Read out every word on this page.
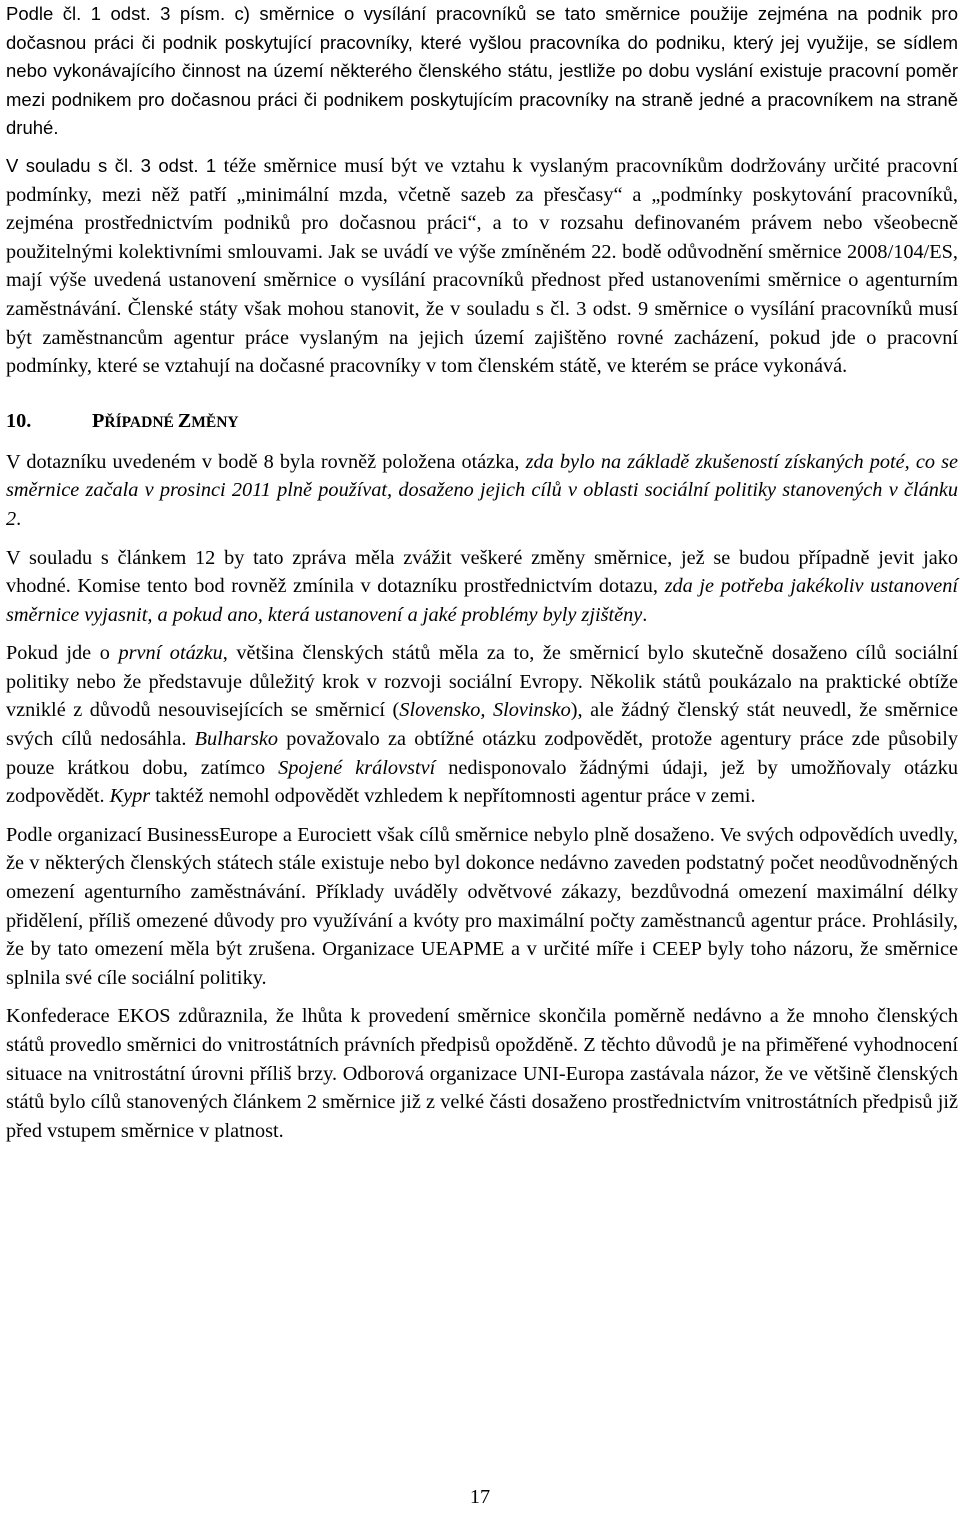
Podle čl. 1 odst. 3 písm. c) směrnice o vysílání pracovníků se tato směrnice použije zejména na podnik pro dočasnou práci či podnik poskytující pracovníky, které vyšlou pracovníka do podniku, který jej využije, se sídlem nebo vykonávajícího činnost na území některého členského státu, jestliže po dobu vyslání existuje pracovní poměr mezi podnikem pro dočasnou práci či podnikem poskytujícím pracovníky na straně jedné a pracovníkem na straně druhé.

V souladu s čl. 3 odst. 1 téže směrnice musí být ve vztahu k vyslaným pracovníkům dodržovány určité pracovní podmínky, mezi něž patří „minimální mzda, včetně sazeb za přesčasy“ a „podmínky poskytování pracovníků, zejména prostřednictvím podniků pro dočasnou práci“, a to v rozsahu definovaném právem nebo všeobecně použitelnými kolektivními smlouvami. Jak se uvádí ve výše zmíněném 22. bodě odůvodnění směrnice 2008/104/ES, mají výše uvedená ustanovení směrnice o vysílání pracovníků přednost před ustanoveními směrnice o agenturním zaměstnávání. Členské státy však mohou stanovit, že v souladu s čl. 3 odst. 9 směrnice o vysílání pracovníků musí být zaměstnancům agentur práce vyslaným na jejich území zajištěno rovné zacházení, pokud jde o pracovní podmínky, které se vztahují na dočasné pracovníky v tom členském státě, ve kterém se práce vykonává.

10.	PŘÍPADNÉ ZMĚNY

V dotazníku uvedeném v bodě 8 byla rovněž položena otázka, zda bylo na základě zkušeností získaných poté, co se směrnice začala v prosinci 2011 plně používat, dosaženo jejich cílů v oblasti sociální politiky stanovených v článku 2.

V souladu s článkem 12 by tato zpráva měla zvážit veškeré změny směrnice, jež se budou případně jevit jako vhodné. Komise tento bod rovněž zmínila v dotazníku prostřednictvím dotazu, zda je potřeba jakékoliv ustanovení směrnice vyjasnit, a pokud ano, která ustanovení a jaké problémy byly zjištěny.

Pokud jde o první otázku, většina členských států měla za to, že směrnicí bylo skutečně dosaženo cílů sociální politiky nebo že představuje důležitý krok v rozvoji sociální Evropy. Několik států poukázalo na praktické obtíže vzniklé z důvodů nesouvisejících se směrnicí (Slovensko, Slovinsko), ale žádný členský stát neuvedl, že směrnice svých cílů nedosáhla. Bulharsko považovalo za obtížné otázku zodpovědět, protože agentury práce zde působily pouze krátkou dobu, zatímco Spojené království nedisponovalo žádnými údaji, jež by umožňovaly otázku zodpovědět. Kypr taktéž nemohl odpovědět vzhledem k nepřítomnosti agentur práce v zemi.

Podle organizací BusinessEurope a Eurociett však cílů směrnice nebylo plně dosaženo. Ve svých odpovědích uvedly, že v některých členských státech stále existuje nebo byl dokonce nedávno zaveden podstatný počet neodůvodněných omezení agenturního zaměstnávání. Příklady uváděly odvětvové zákazy, bezdůvodná omezení maximální délky přidělení, příliš omezené důvody pro využívání a kvóty pro maximální počty zaměstnanců agentur práce. Prohlásily, že by tato omezení měla být zrušena. Organizace UEAPME a v určité míře i CEEP byly toho názoru, že směrnice splnila své cíle sociální politiky.

Konfederace EKOS zdůraznila, že lhůta k provedení směrnice skončila poměrně nedávno a že mnoho členských států provedlo směrnici do vnitrostátních právních předpisů opožděně. Z těchto důvodů je na přiměřené vyhodnocení situace na vnitrostátní úrovni příliš brzy. Odborová organizace UNI-Europa zastávala názor, že ve většině členských států bylo cílů stanovených článkem 2 směrnice již z velké části dosaženo prostřednictvím vnitrostátních předpisů již před vstupem směrnice v platnost.

17
